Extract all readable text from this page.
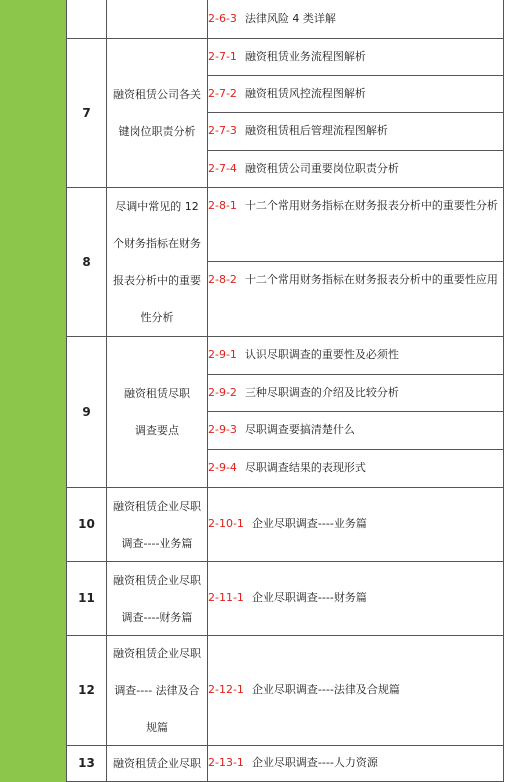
2-6-3 法律风险 4 类详解
7
融资租赁公司各关键岗位职责分析
2-7-1 融资租赁业务流程图解析
2-7-2 融资租赁风控流程图解析
2-7-3 融资租赁租后管理流程图解析
2-7-4 融资租赁公司重要岗位职责分析
8
尽调中常见的 12 个财务指标在财务报表分析中的重要性分析
2-8-1 十二个常用财务指标在财务报表分析中的重要性分析
2-8-2 十二个常用财务指标在财务报表分析中的重要性应用
9
融资租赁尽职调查要点
2-9-1 认识尽职调查的重要性及必须性
2-9-2 三种尽职调查的介绍及比较分析
2-9-3 尽职调查要搞清楚什么
2-9-4 尽职调查结果的表现形式
10
融资租赁企业尽职调查----业务篇
2-10-1 企业尽职调查----业务篇
11
融资租赁企业尽职调查----财务篇
2-11-1 企业尽职调查----财务篇
12
融资租赁企业尽职调查---- 法律及合规篇
2-12-1 企业尽职调查----法律及合规篇
13	融资租赁企业尽职 2-13-1 企业尽职调查----人力资源
